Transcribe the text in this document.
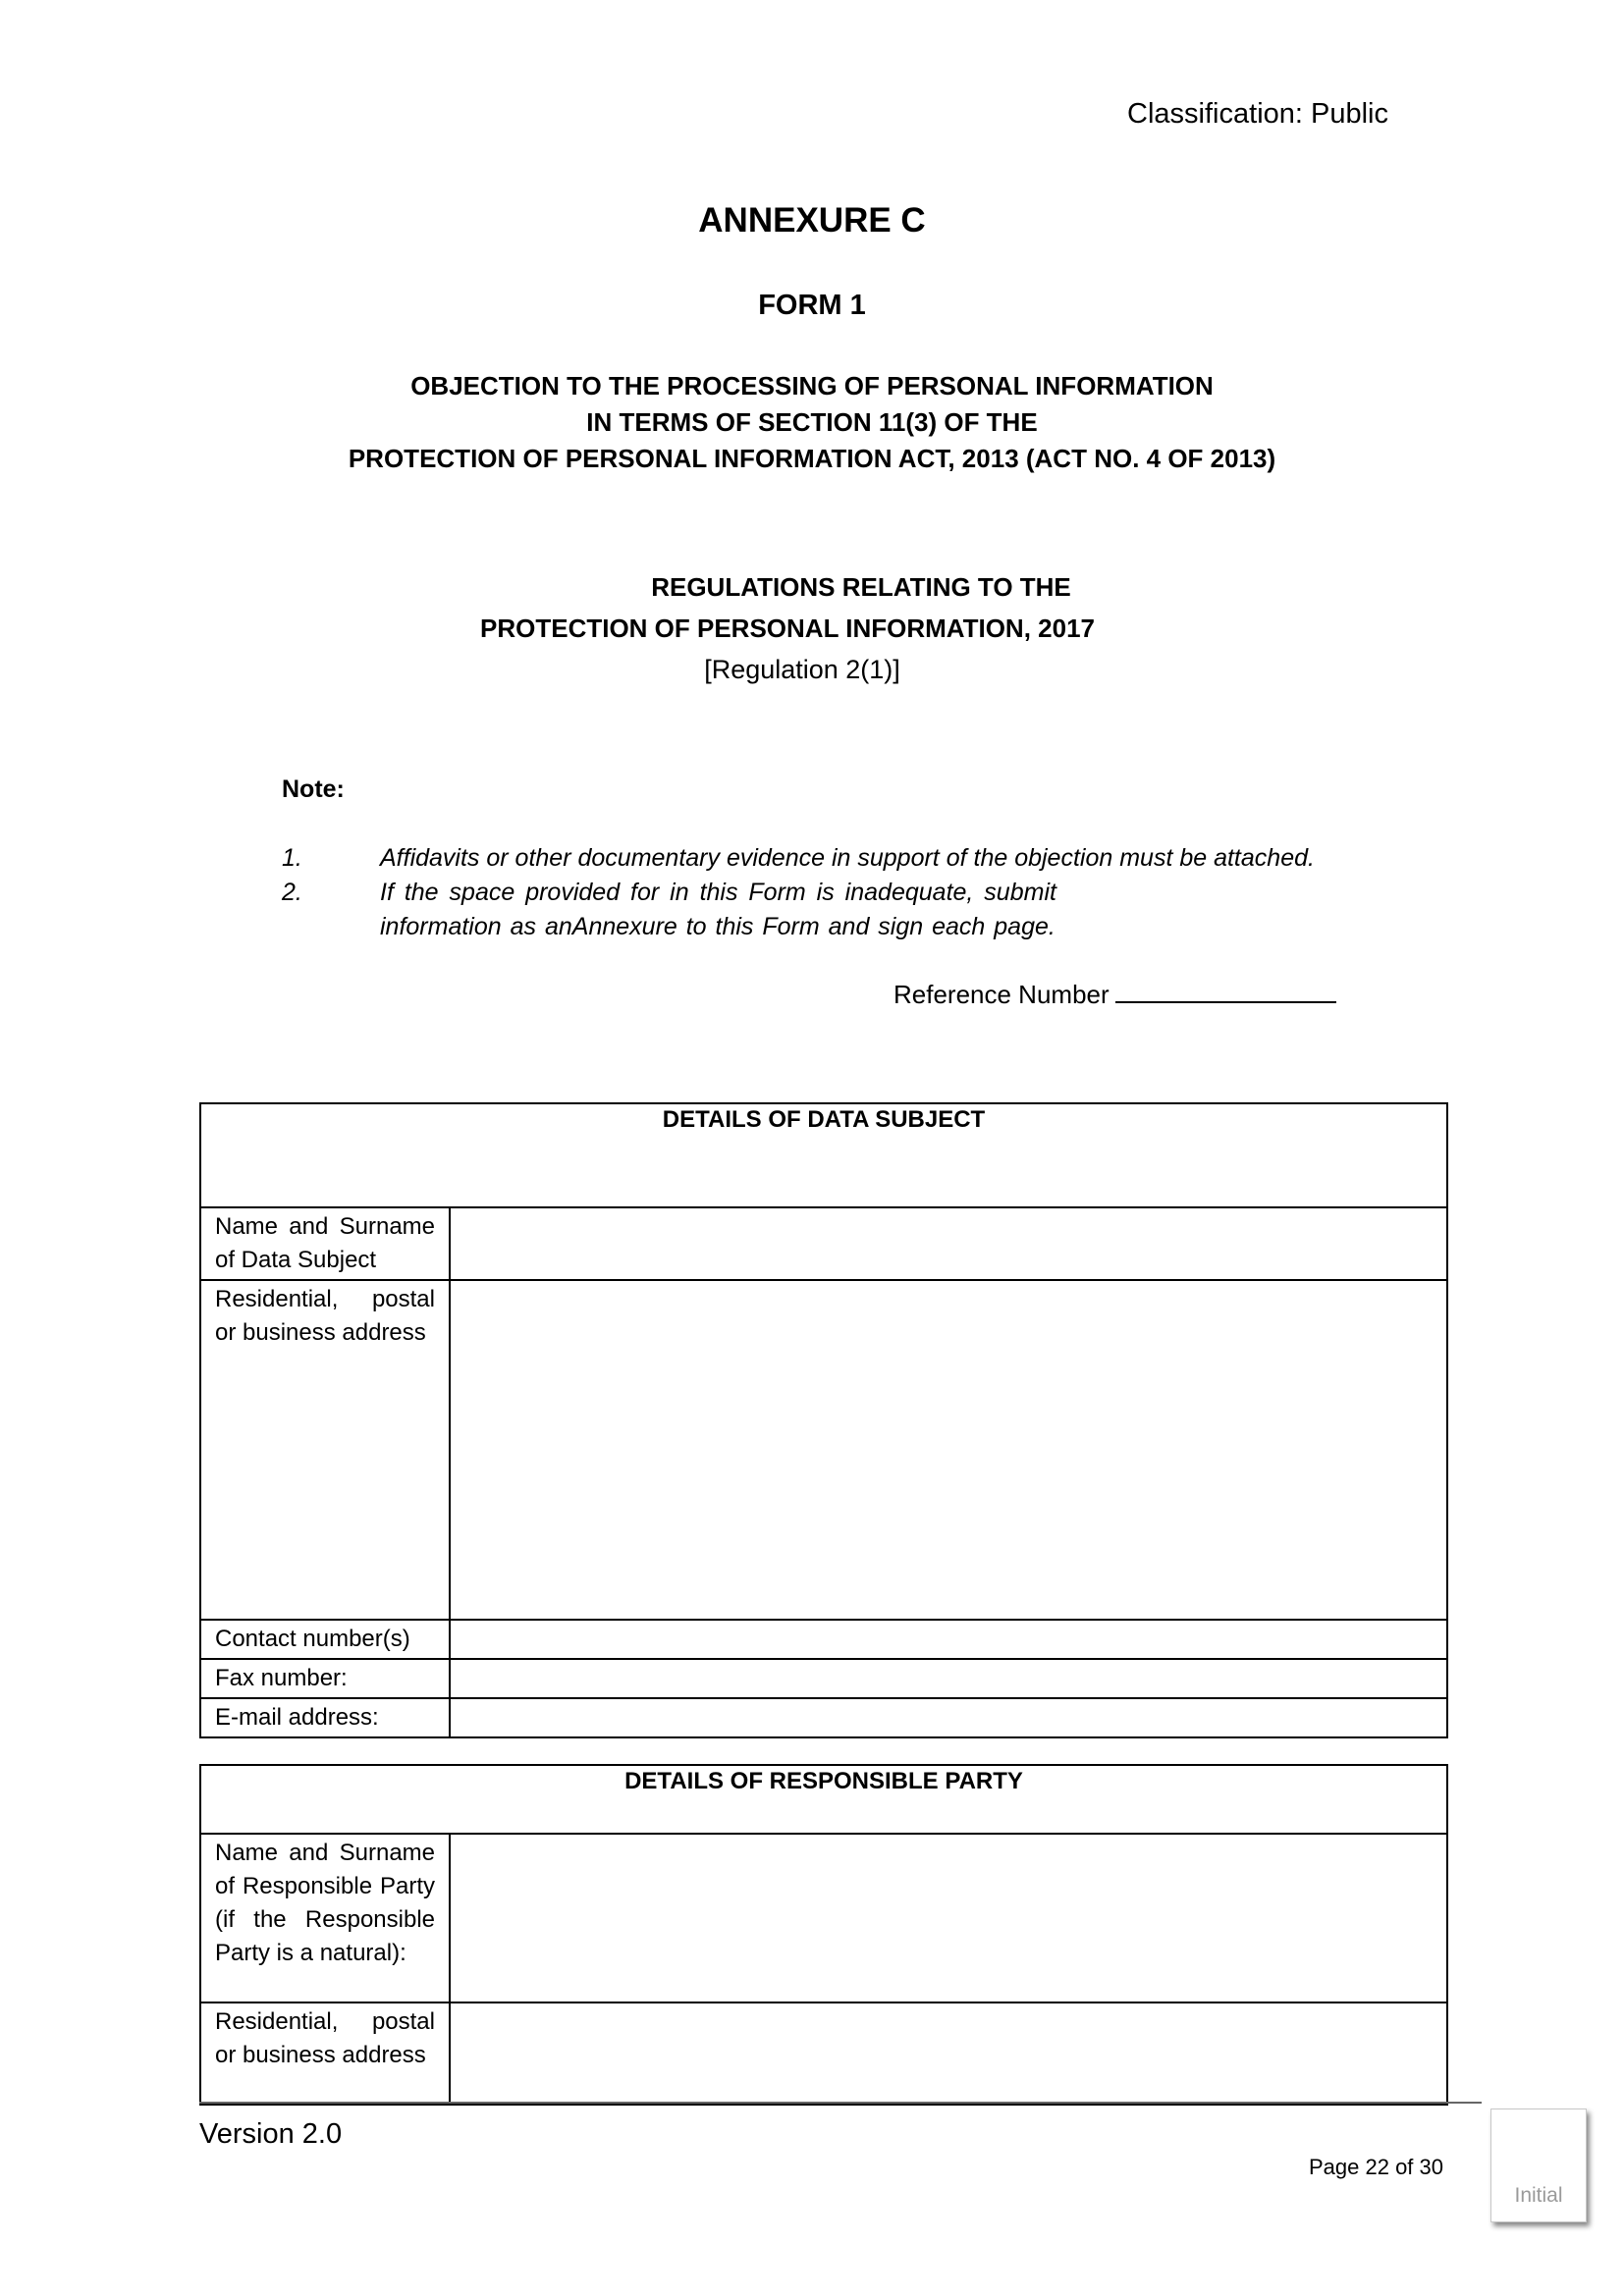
Classification: Public
ANNEXURE C
FORM 1
OBJECTION TO THE PROCESSING OF PERSONAL INFORMATION
IN TERMS OF SECTION 11(3) OF THE
PROTECTION OF PERSONAL INFORMATION ACT, 2013 (ACT NO. 4 OF 2013)
REGULATIONS RELATING TO THE
PROTECTION OF PERSONAL INFORMATION, 2017
[Regulation 2(1)]
Note:
1.	Affidavits or other documentary evidence in support of the objection must be attached.
2.	If the space provided for in this Form is inadequate, submit
information as anAnnexure to this Form and sign each page.
Reference Number
DETAILS OF DATA SUBJECT	
Name and Surname of Data Subject	
Residential, postal or business address	
Contact number(s)	
Fax number:	
E-mail address:	
DETAILS OF RESPONSIBLE PARTY	
Name and Surname of Responsible Party (if the Responsible Party is a natural):	
Residential, postal or business address	
Version 2.0
Page 22 of 30
Initial
